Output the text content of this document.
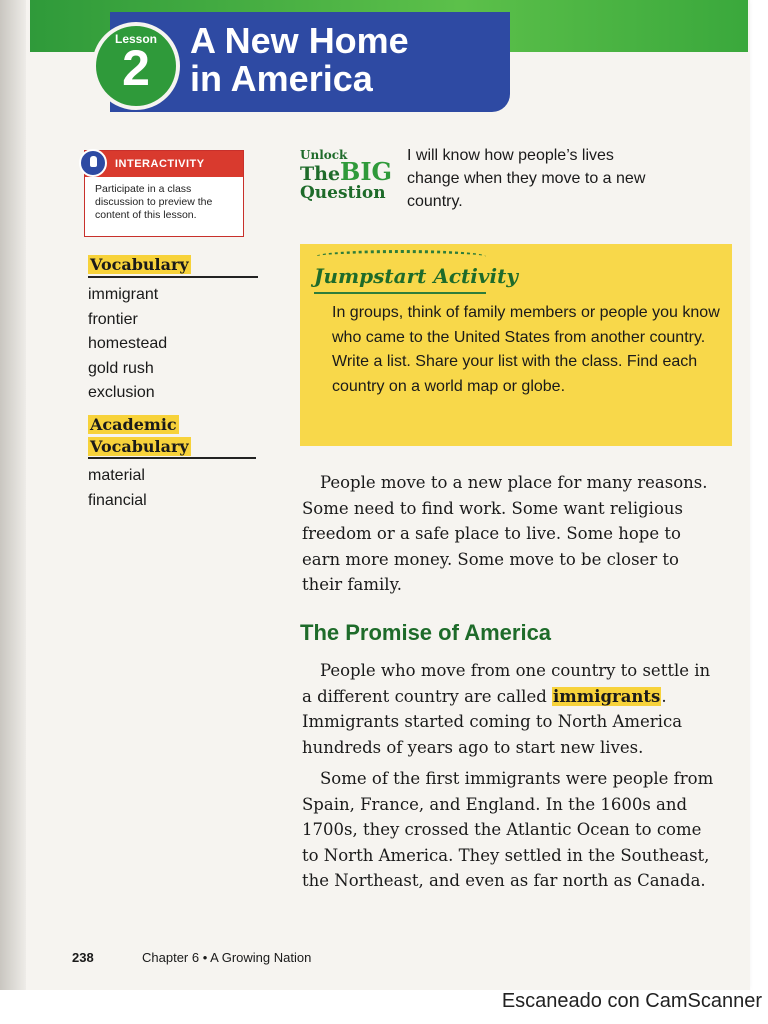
Lesson
2	A New Home
in America
INTERACTIVITY
Participate in a class discussion to preview the content of this lesson.
Vocabulary
immigrant
frontier
homestead
gold rush
exclusion
Academic
Vocabulary
material
financial
Unlock
TheBIG
Question
I will know how people’s lives change when they move to a new country.
Jumpstart Activity
In groups, think of family members or people you know who came to the United States from another country. Write a list. Share your list with the class. Find each country on a world map or globe.

People move to a new place for many reasons. Some need to find work. Some want religious freedom or a safe place to live. Some hope to earn more money. Some move to be closer to their family.

The Promise of America

People who move from one country to settle in a different country are called immigrants. Immigrants started coming to North America hundreds of years ago to start new lives.

Some of the first immigrants were people from Spain, France, and England. In the 1600s and 1700s, they crossed the Atlantic Ocean to come to North America. They settled in the Southeast, the Northeast, and even as far north as Canada.

238	Chapter 6 • A Growing Nation
Escaneado con CamScanner
